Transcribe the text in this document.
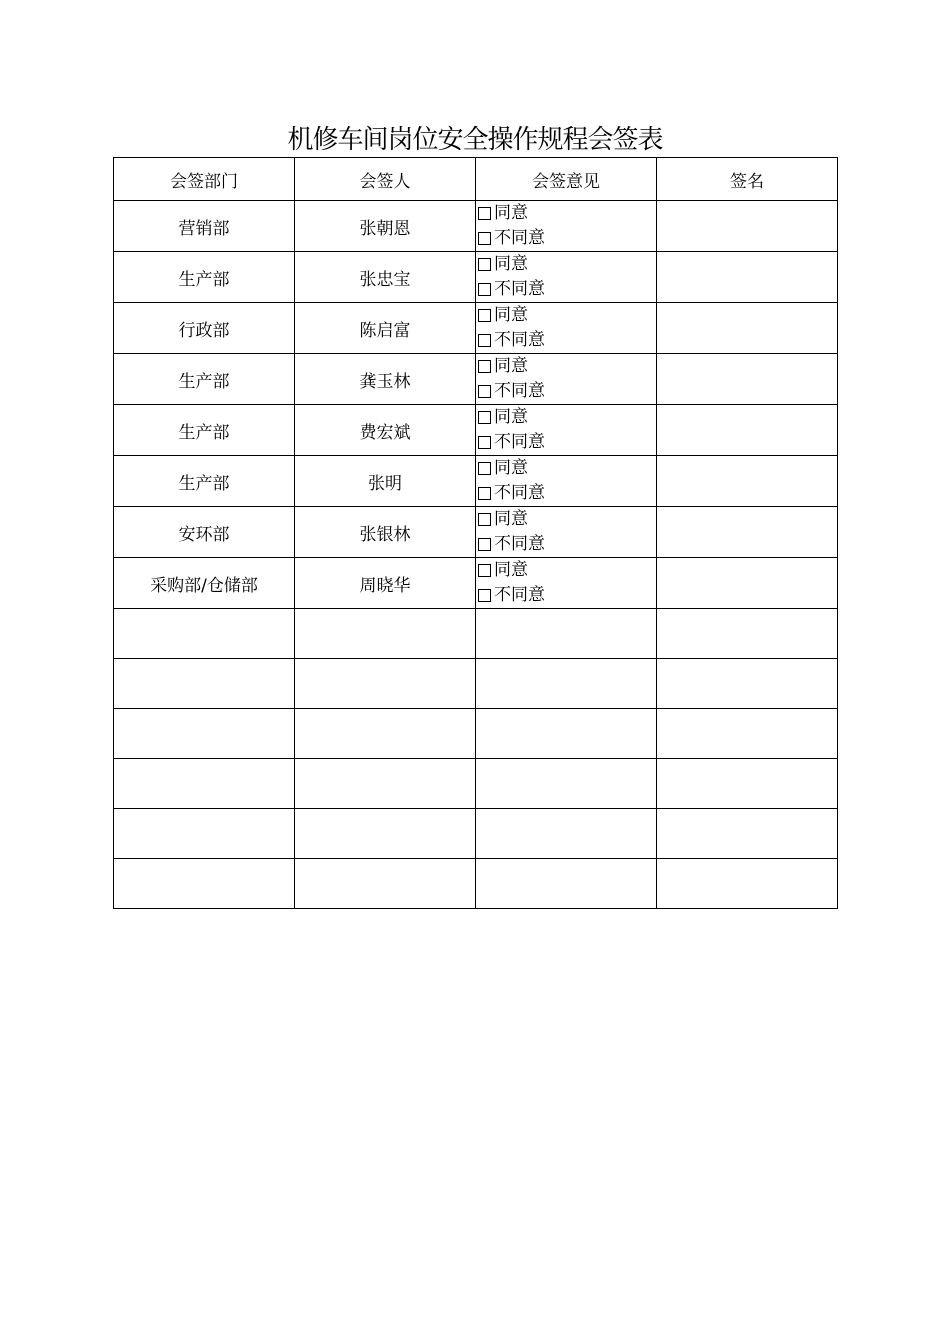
机修车间岗位安全操作规程会签表
会签部门	会签人	会签意见	签名
营销部	张朝恩	同意
不同意	

生产部	张忠宝	同意
不同意	

行政部	陈启富	同意
不同意	

生产部	龚玉林	同意
不同意	

生产部	费宏斌	同意
不同意	

生产部	张明	同意
不同意	

安环部	张银林	同意
不同意	

采购部/仓储部	周晓华	同意
不同意	
